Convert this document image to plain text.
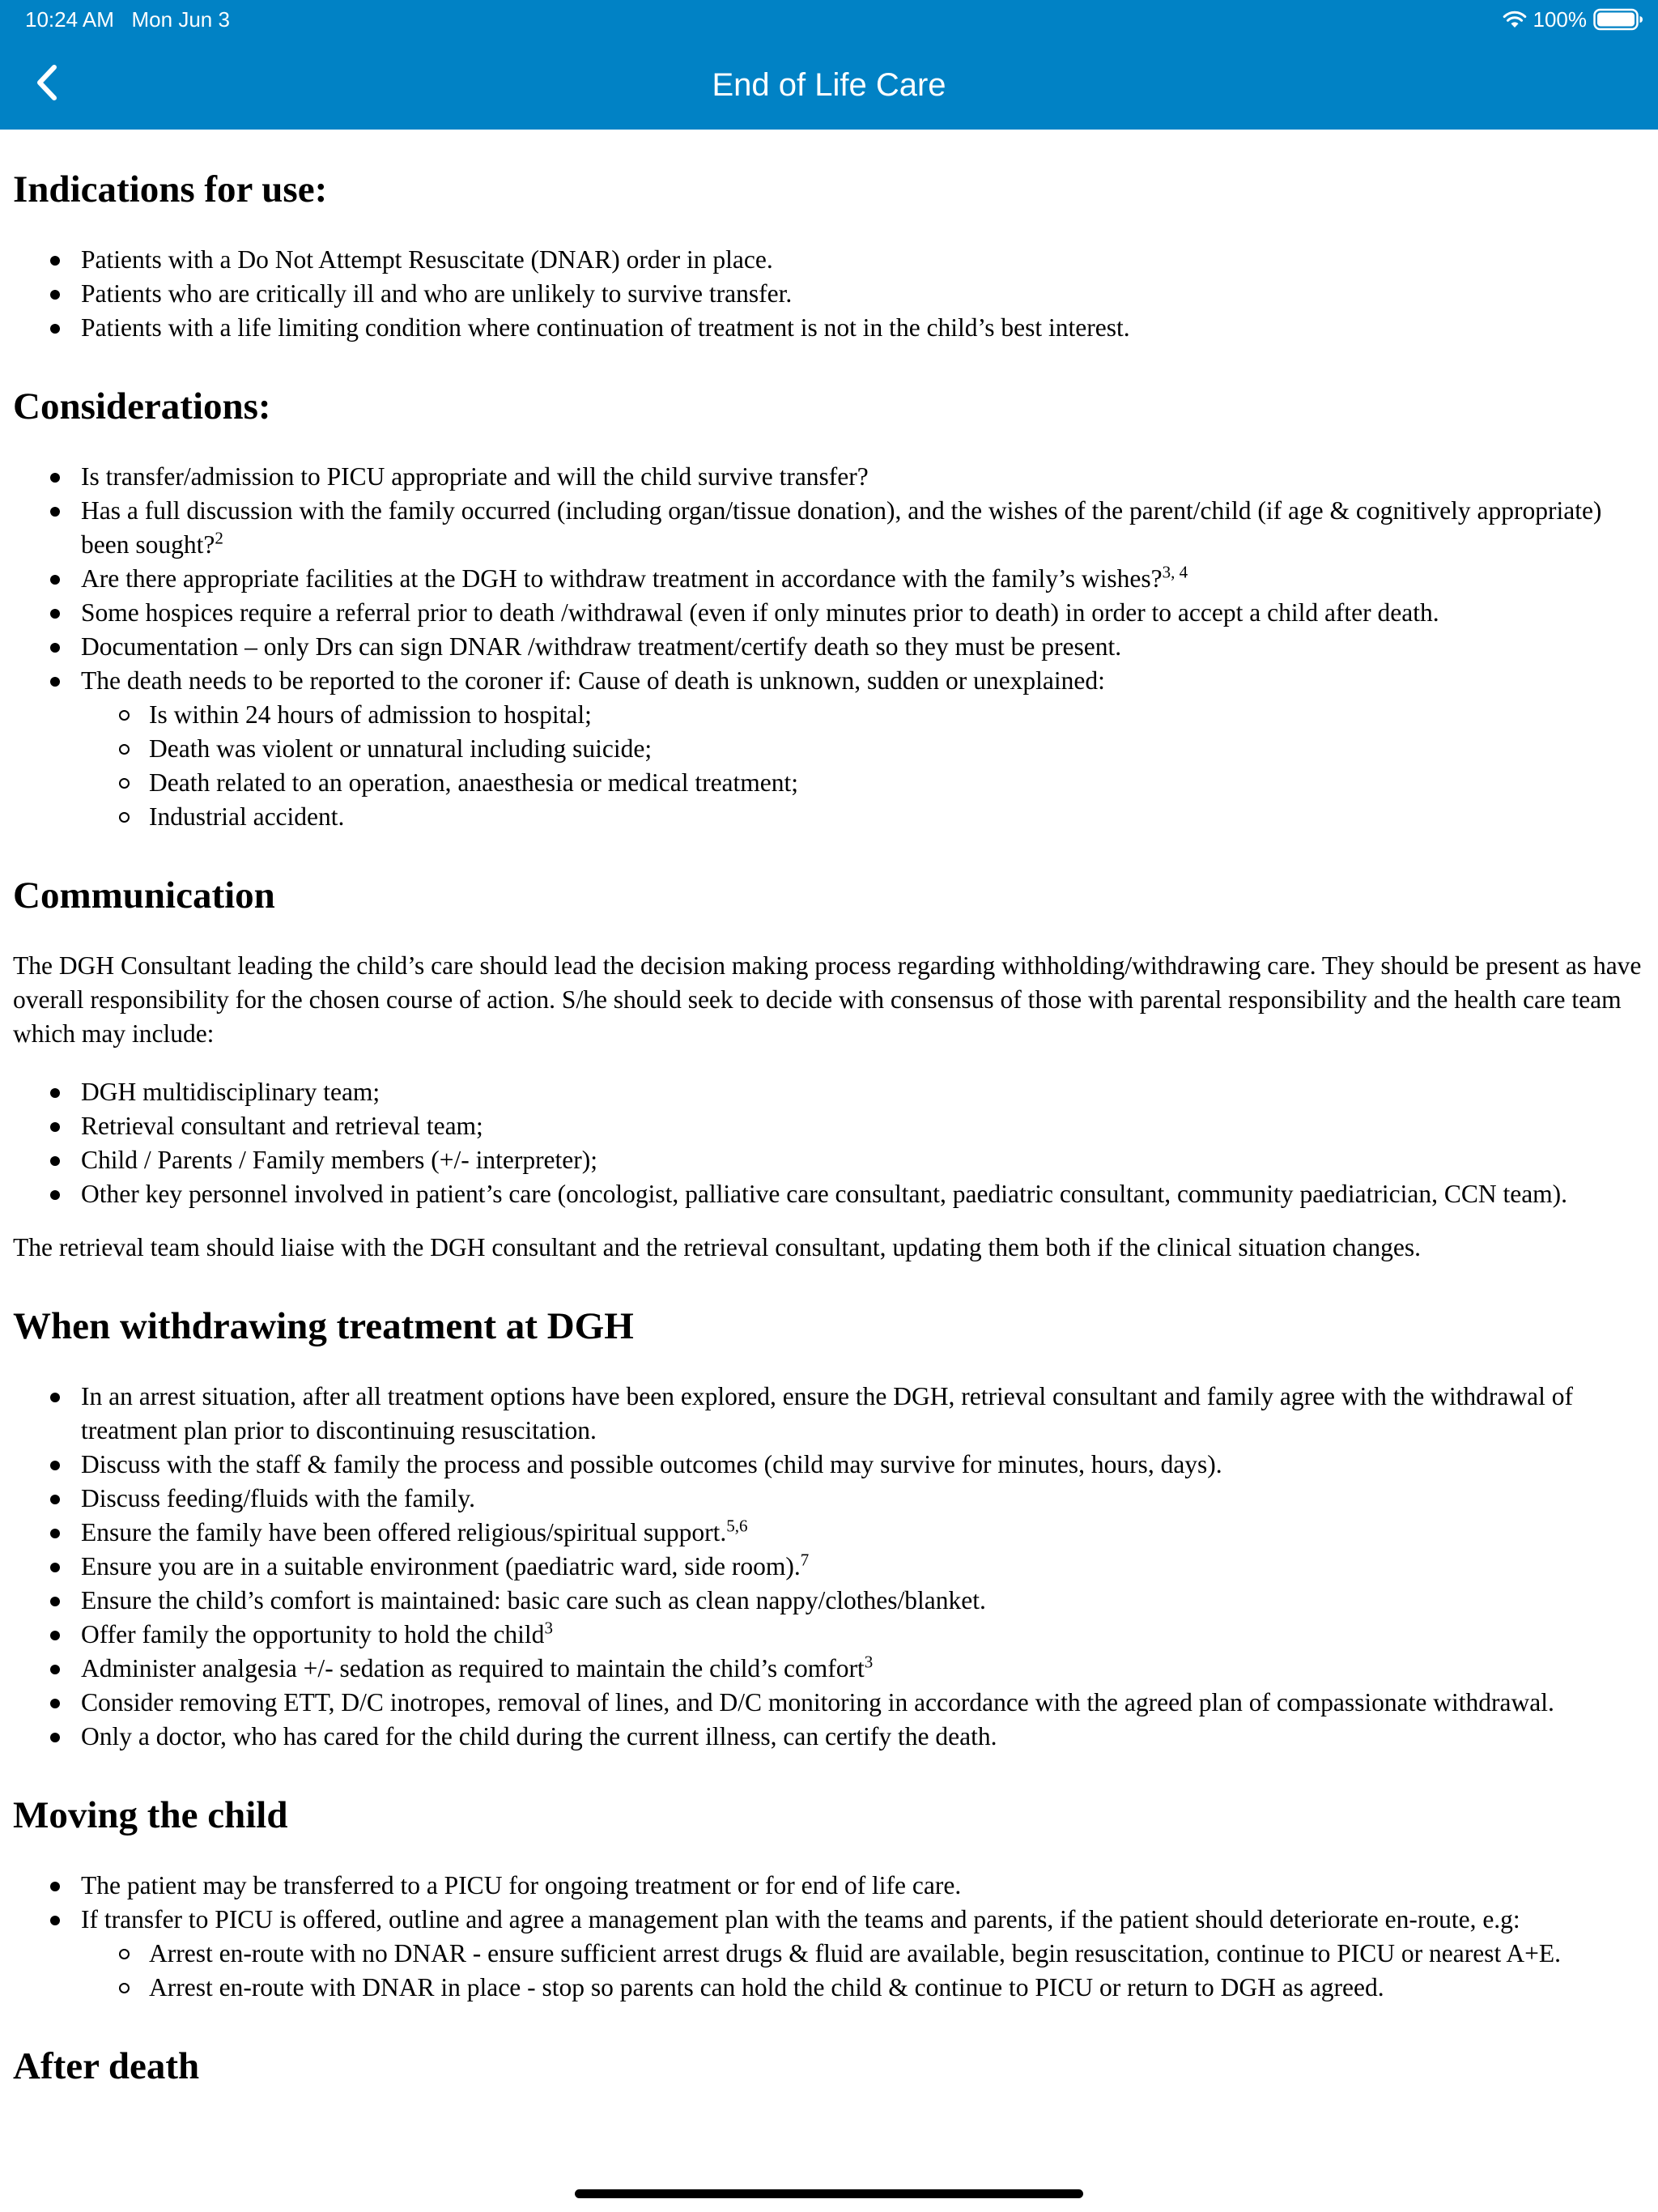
10:24 AM   Mon Jun 3	100%
End of Life Care
Indications for use:
Patients with a Do Not Attempt Resuscitate (DNAR) order in place.
Patients who are critically ill and who are unlikely to survive transfer.
Patients with a life limiting condition where continuation of treatment is not in the child’s best interest.
Considerations:
Is transfer/admission to PICU appropriate and will the child survive transfer?
Has a full discussion with the family occurred (including organ/tissue donation), and the wishes of the parent/child (if age & cognitively appropriate) been sought?$^2$
Are there appropriate facilities at the DGH to withdraw treatment in accordance with the family’s wishes?$^{3, 4}$
Some hospices require a referral prior to death /withdrawal (even if only minutes prior to death) in order to accept a child after death.
Documentation – only Drs can sign DNAR /withdraw treatment/certify death so they must be present.
The death needs to be reported to the coroner if: Cause of death is unknown, sudden or unexplained:
Is within 24 hours of admission to hospital;
Death was violent or unnatural including suicide;
Death related to an operation, anaesthesia or medical treatment;
Industrial accident.
Communication

The DGH Consultant leading the child’s care should lead the decision making process regarding withholding/withdrawing care. They should be present as have overall responsibility for the chosen course of action. S/he should seek to decide with consensus of those with parental responsibility and the health care team which may include:

DGH multidisciplinary team;
Retrieval consultant and retrieval team;
Child / Parents / Family members (+/- interpreter);
Other key personnel involved in patient’s care (oncologist, palliative care consultant, paediatric consultant, community paediatrician, CCN team).

The retrieval team should liaise with the DGH consultant and the retrieval consultant, updating them both if the clinical situation changes.

When withdrawing treatment at DGH
In an arrest situation, after all treatment options have been explored, ensure the DGH, retrieval consultant and family agree with the withdrawal of treatment plan prior to discontinuing resuscitation.
Discuss with the staff & family the process and possible outcomes (child may survive for minutes, hours, days).
Discuss feeding/fluids with the family.
Ensure the family have been offered religious/spiritual support.$^{5,6}$
Ensure you are in a suitable environment (paediatric ward, side room).$^7$
Ensure the child’s comfort is maintained: basic care such as clean nappy/clothes/blanket.
Offer family the opportunity to hold the child$^3$
Administer analgesia +/- sedation as required to maintain the child’s comfort$^3$
Consider removing ETT, D/C inotropes, removal of lines, and D/C monitoring in accordance with the agreed plan of compassionate withdrawal.
Only a doctor, who has cared for the child during the current illness, can certify the death.
Moving the child
The patient may be transferred to a PICU for ongoing treatment or for end of life care.
If transfer to PICU is offered, outline and agree a management plan with the teams and parents, if the patient should deteriorate en-route, e.g:
Arrest en-route with no DNAR - ensure sufficient arrest drugs & fluid are available, begin resuscitation, continue to PICU or nearest A+E.
Arrest en-route with DNAR in place - stop so parents can hold the child & continue to PICU or return to DGH as agreed.
After death
